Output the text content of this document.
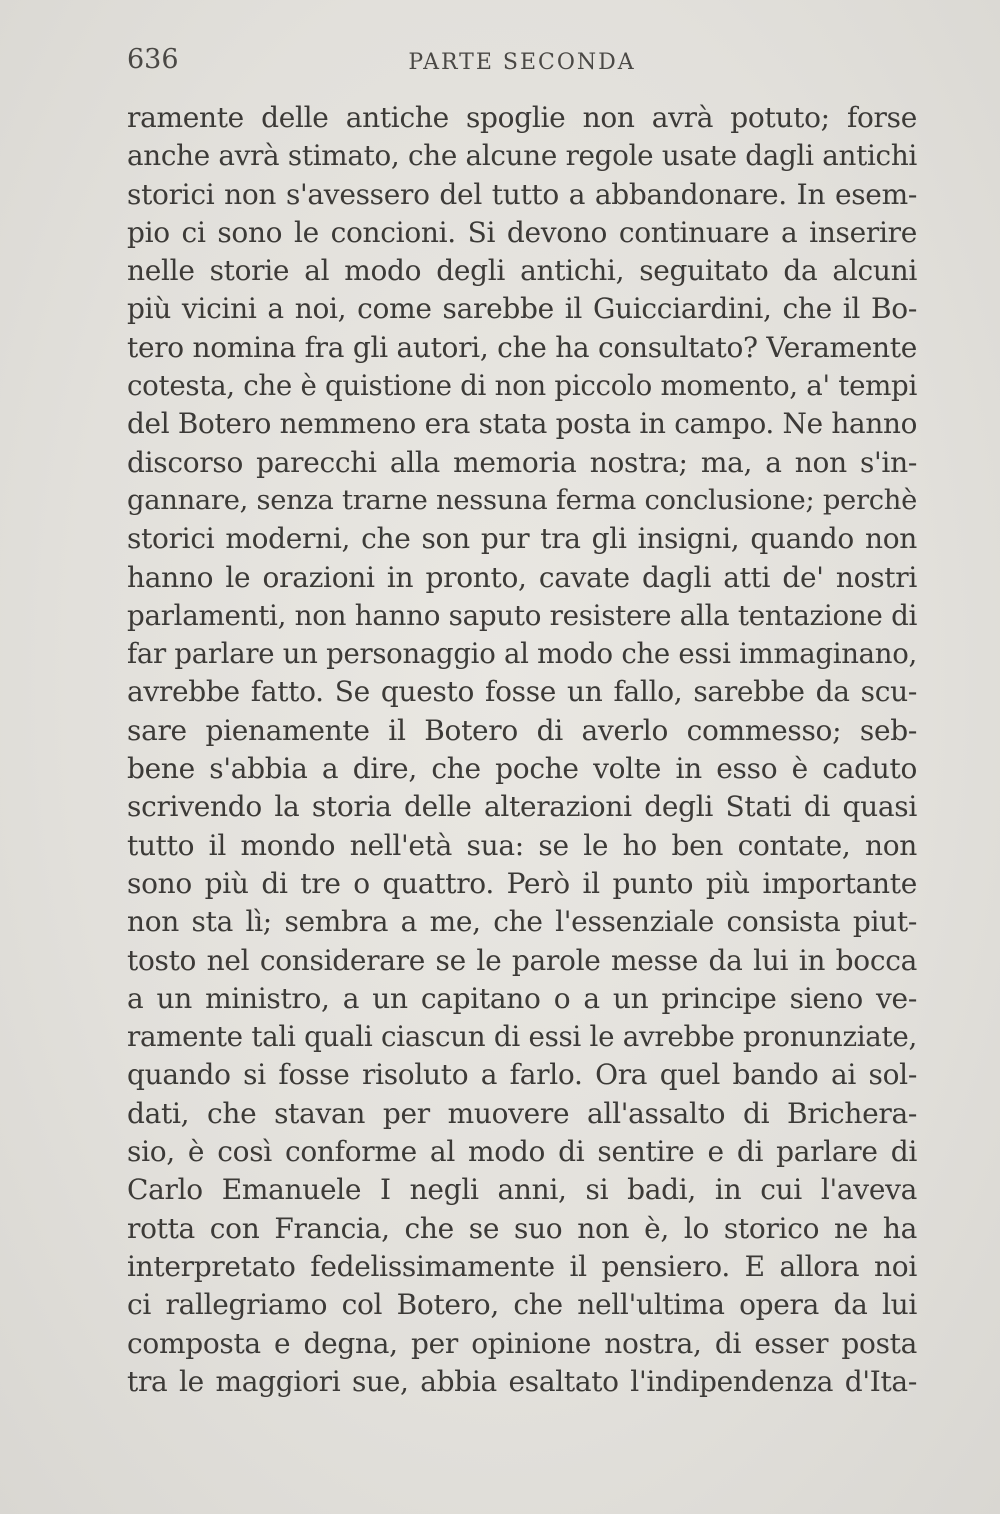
636	PARTE SECONDA
ramente delle antiche spoglie non avrà potuto; forse
anche avrà stimato, che alcune regole usate dagli antichi
storici non s'avessero del tutto a abbandonare. In esem-
pio ci sono le concioni. Si devono continuare a inserire
nelle storie al modo degli antichi, seguitato da alcuni
più vicini a noi, come sarebbe il Guicciardini, che il Bo-
tero nomina fra gli autori, che ha consultato? Veramente
cotesta, che è quistione di non piccolo momento, a' tempi
del Botero nemmeno era stata posta in campo. Ne hanno
discorso parecchi alla memoria nostra; ma, a non s'in-
gannare, senza trarne nessuna ferma conclusione; perchè
storici moderni, che son pur tra gli insigni, quando non
hanno le orazioni in pronto, cavate dagli atti de' nostri
parlamenti, non hanno saputo resistere alla tentazione di
far parlare un personaggio al modo che essi immaginano,
avrebbe fatto. Se questo fosse un fallo, sarebbe da scu-
sare pienamente il Botero di averlo commesso; seb-
bene s'abbia a dire, che poche volte in esso è caduto
scrivendo la storia delle alterazioni degli Stati di quasi
tutto il mondo nell'età sua: se le ho ben contate, non
sono più di tre o quattro. Però il punto più importante
non sta lì; sembra a me, che l'essenziale consista piut-
tosto nel considerare se le parole messe da lui in bocca
a un ministro, a un capitano o a un principe sieno ve-
ramente tali quali ciascun di essi le avrebbe pronunziate,
quando si fosse risoluto a farlo. Ora quel bando ai sol-
dati, che stavan per muovere all'assalto di Brichera-
sio, è così conforme al modo di sentire e di parlare di
Carlo Emanuele I negli anni, si badi, in cui l'aveva
rotta con Francia, che se suo non è, lo storico ne ha
interpretato fedelissimamente il pensiero. E allora noi
ci rallegriamo col Botero, che nell'ultima opera da lui
composta e degna, per opinione nostra, di esser posta
tra le maggiori sue, abbia esaltato l'indipendenza d'Ita-
